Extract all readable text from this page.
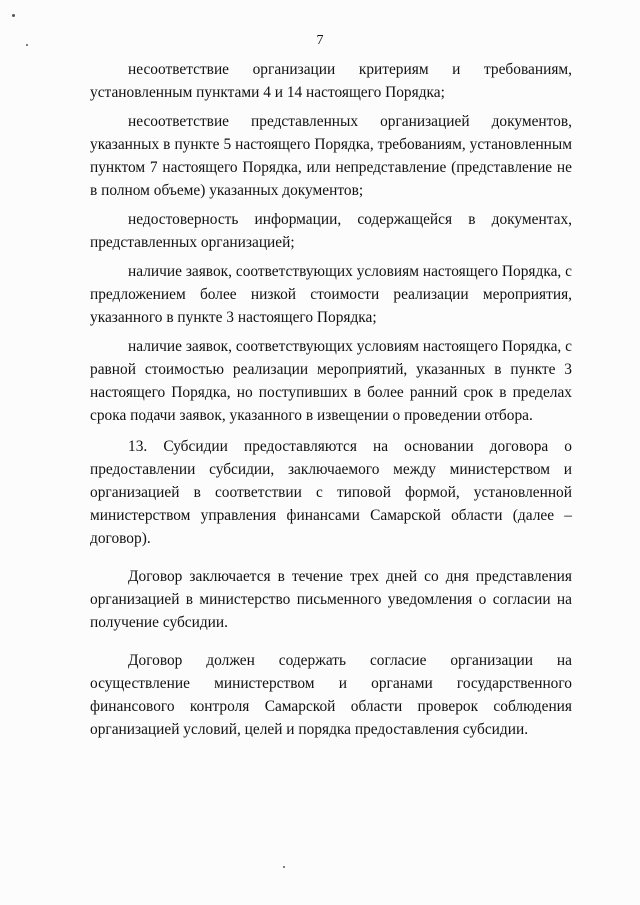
7

несоответствие организации критериям и требованиям, установленным пунктами 4 и 14 настоящего Порядка;

несоответствие представленных организацией документов, указанных в пункте 5 настоящего Порядка, требованиям, установленным пунктом 7 настоящего Порядка, или непредставление (представление не в полном объеме) указанных документов;

недостоверность информации, содержащейся в документах, представленных организацией;

наличие заявок, соответствующих условиям настоящего Порядка, с предложением более низкой стоимости реализации мероприятия, указанного в пункте 3 настоящего Порядка;

наличие заявок, соответствующих условиям настоящего Порядка, с равной стоимостью реализации мероприятий, указанных в пункте 3 настоящего Порядка, но поступивших в более ранний срок в пределах срока подачи заявок, указанного в извещении о проведении отбора.

13. Субсидии предоставляются на основании договора о предоставлении субсидии, заключаемого между министерством и организацией в соответствии с типовой формой, установленной министерством управления финансами Самарской области (далее – договор).

Договор заключается в течение трех дней со дня представления организацией в министерство письменного уведомления о согласии на получение субсидии.

Договор должен содержать согласие организации на осуществление министерством и органами государственного финансового контроля Самарской области проверок соблюдения организацией условий, целей и порядка предоставления субсидии.
